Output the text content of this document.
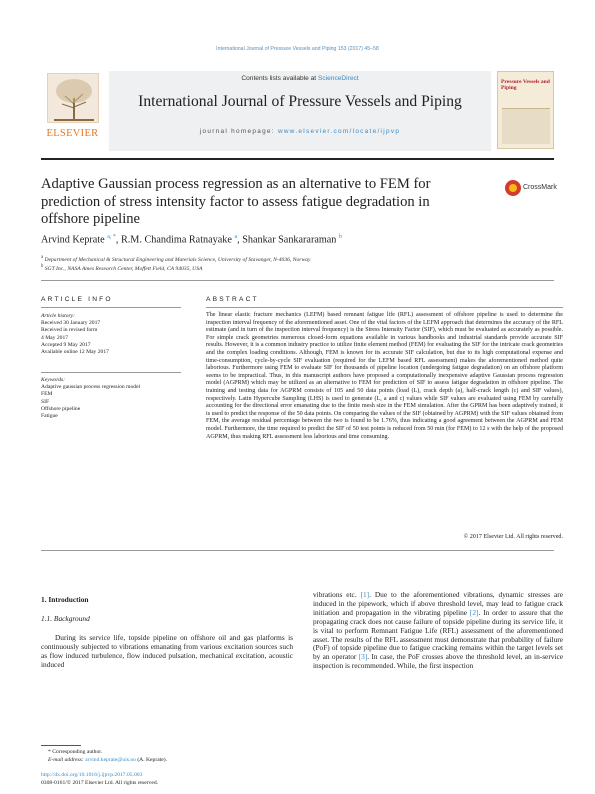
International Journal of Pressure Vessels and Piping 153 (2017) 45–58
ELSEVIER
Contents lists available at ScienceDirect
International Journal of Pressure Vessels and Piping
journal homepage: www.elsevier.com/locate/ijpvp
Pressure Vessels and Piping
Adaptive Gaussian process regression as an alternative to FEM for prediction of stress intensity factor to assess fatigue degradation in offshore pipeline
CrossMark
Arvind Keprate $^{a, *}$, R.M. Chandima Ratnayake $^a$, Shankar Sankararaman $^b$
$^a$ Department of Mechanical & Structural Engineering and Materials Science, University of Stavanger, N-4036, Norway
$^b$ SGT Inc., NASA Ames Research Center, Moffett Field, CA 94035, USA
ARTICLE INFO	ABSTRACT
Article history:
Received 30 January 2017
Received in revised form
4 May 2017
Accepted 9 May 2017
Available online 12 May 2017
Keywords:
Adaptive gaussian process regression model
FEM
SIF
Offshore pipeline
Fatigue
The linear elastic fracture mechanics (LEFM) based remnant fatigue life (RFL) assessment of offshore pipeline is used to determine the inspection interval frequency of the aforementioned asset. One of the vital factors of the LEFM approach that determines the accuracy of the RFL estimate (and in turn of the inspection interval frequency) is the Stress Intensity Factor (SIF), which must be evaluated as accurately as possible. For simple crack geometries numerous closed-form equations available in various handbooks and industrial standards provide accurate SIF results. However, it is a common industry practice to utilize finite element method (FEM) for evaluating the SIF for the intricate crack geometries and the complex loading conditions. Although, FEM is known for its accurate SIF calculation, but due to its high computational expense and time-consumption, cycle-by-cycle SIF evaluation (required for the LEFM based RFL assessment) makes the aforementioned method quite laborious. Furthermore using FEM to evaluate SIF for thousands of pipeline location (undergoing fatigue degradation) on an offshore platform seems to be impractical. Thus, in this manuscript authors have proposed a computationally inexpensive adaptive Gaussian process regression model (AGPRM) which may be utilized as an alternative to FEM for prediction of SIF to assess fatigue degradation in offshore pipeline. The training and testing data for AGPRM consists of 105 and 50 data points (load (L), crack depth (a), half-crack length (c) and SIF values), respectively. Latin Hypercube Sampling (LHS) is used to generate (L, a and c) values while SIF values are evaluated using FEM by carefully accounting for the directional error emanating due to the finite mesh size in the FEM simulation. After the GPRM has been adaptively trained, it is used to predict the response of the 50 data points. On comparing the values of the SIF (obtained by AGPRM) with the SIF values obtained from FEM, the average residual percentage between the two is found to be 1.76%, thus indicating a good agreement between the AGPRM and FEM model. Furthermore, the time required to predict the SIF of 50 test points is reduced from 50 min (for FEM) to 12 s with the help of the proposed AGPRM, thus making RFL assessment less laborious and time consuming.
© 2017 Elsevier Ltd. All rights reserved.
1. Introduction
1.1. Background
During its service life, topside pipeline on offshore oil and gas platforms is continuously subjected to vibrations emanating from various excitation sources such as flow induced turbulence, flow induced pulsation, mechanical excitation, acoustic induced
vibrations etc. [1]. Due to the aforementioned vibrations, dynamic stresses are induced in the pipework, which if above threshold level, may lead to fatigue crack initiation and propagation in the vibrating pipeline [2]. In order to assure that the propagating crack does not cause failure of topside pipeline during its service life, it is vital to perform Remnant Fatigue Life (RFL) assessment of the aforementioned asset. The results of the RFL assessment must demonstrate that probability of failure (PoF) of topside pipeline due to fatigue cracking remains within the target levels set by an operator [3]. In case, the PoF crosses above the threshold level, an in-service inspection is recommended. While, the first inspection
* Corresponding author.
E-mail address: arvind.keprate@uis.no (A. Keprate).
http://dx.doi.org/10.1016/j.ijpvp.2017.05.003
0308-0161/© 2017 Elsevier Ltd. All rights reserved.
